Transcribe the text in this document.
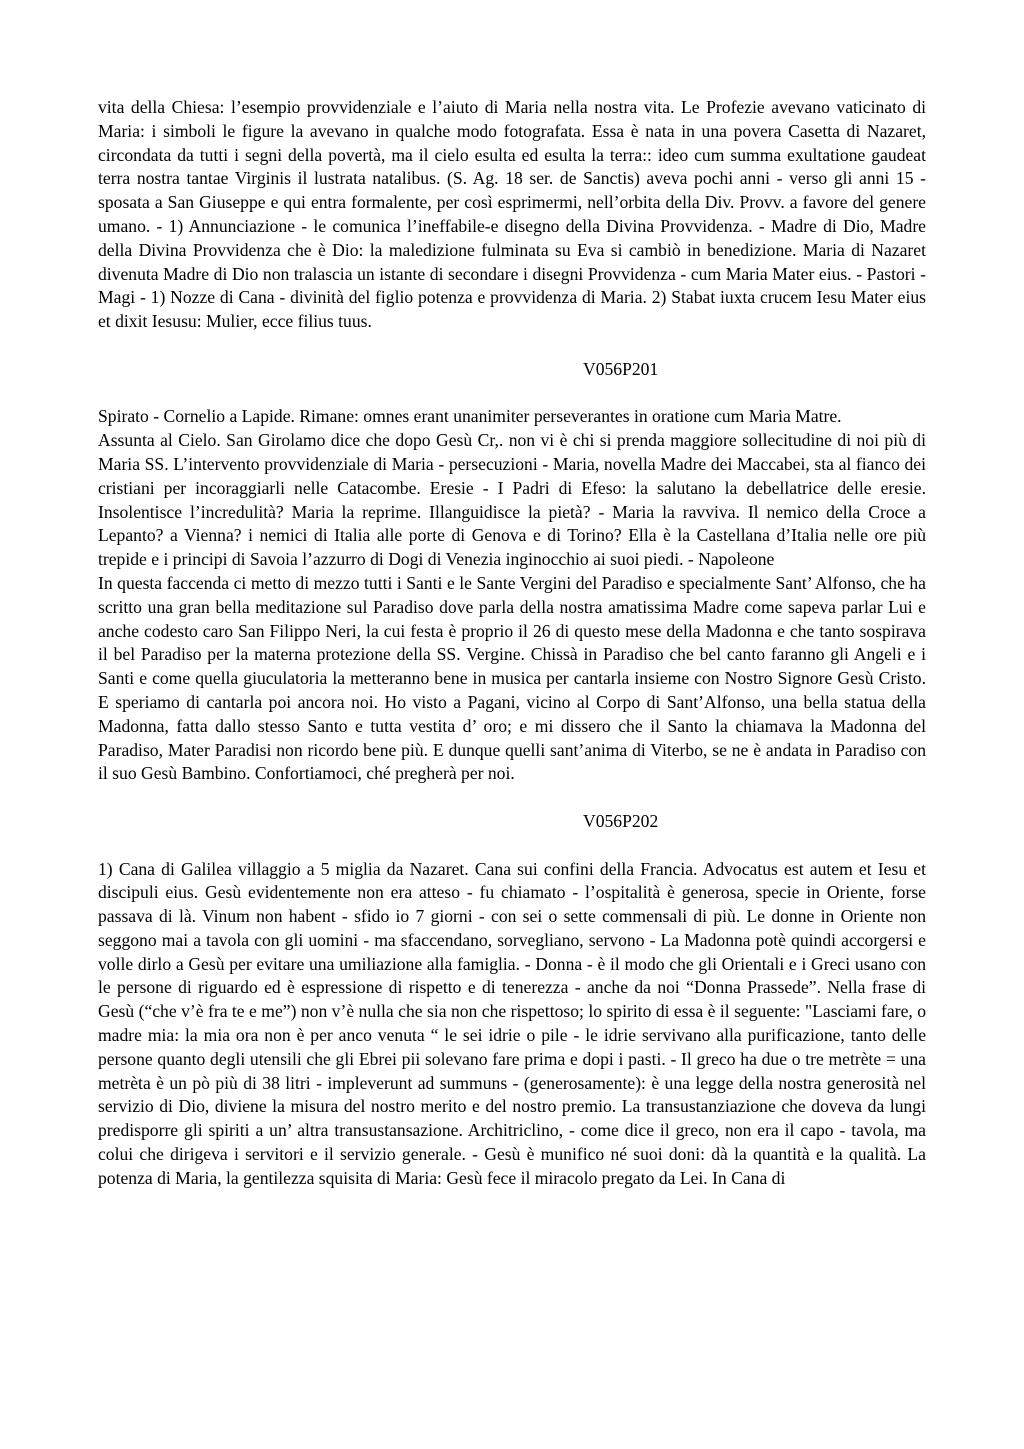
vita della Chiesa: l’esempio provvidenziale e l’aiuto di Maria nella nostra vita. Le Profezie avevano vaticinato di Maria: i simboli le figure la avevano in qualche modo fotografata. Essa è nata in una povera Casetta di Nazaret, circondata da tutti i segni della povertà, ma il cielo esulta ed esulta la terra:: ideo cum summa exultatione gaudeat terra nostra tantae Virginis il lustrata natalibus. (S. Ag. 18 ser. de Sanctis) aveva pochi anni - verso gli anni 15 - sposata a San Giuseppe e qui entra formalente, per così esprimermi, nell’orbita della Div. Provv. a favore del genere umano. - 1) Annunciazione - le comunica l’ineffabile-e disegno della Divina Provvidenza. - Madre di Dio, Madre della Divina Provvidenza che è Dio: la maledizione fulminata su Eva si cambiò in benedizione. Maria di Nazaret divenuta Madre di Dio non tralascia un istante di secondare i disegni Provvidenza - cum Maria Mater eius. - Pastori - Magi - 1) Nozze di Cana - divinità del figlio potenza e provvidenza di Maria. 2) Stabat iuxta crucem Iesu Mater eius et dixit Iesusu: Mulier, ecce filius tuus.

V056P201

Spirato - Cornelio a Lapide. Rimane: omnes erant unanimiter perseverantes in oratione cum Maria Matre.

Assunta al Cielo. San Girolamo dice che dopo Gesù Cr,. non vi è chi si prenda maggiore sollecitudine di noi più di Maria SS. L’intervento provvidenziale di Maria - persecuzioni - Maria, novella Madre dei Maccabei, sta al fianco dei cristiani per incoraggiarli nelle Catacombe. Eresie - I Padri di Efeso: la salutano la debellatrice delle eresie. Insolentisce l’incredulità? Maria la reprime. Illanguidisce la pietà? - Maria la ravviva. Il nemico della Croce a Lepanto? a Vienna? i nemici di Italia alle porte di Genova e di Torino? Ella è la Castellana d’Italia nelle ore più trepide e i principi di Savoia l’azzurro di Dogi di Venezia inginocchio ai suoi piedi. - Napoleone

In questa faccenda ci metto di mezzo tutti i Santi e le Sante Vergini del Paradiso e specialmente Sant’ Alfonso, che ha scritto una gran bella meditazione sul Paradiso dove parla della nostra amatissima Madre come sapeva parlar Lui e anche codesto caro San Filippo Neri, la cui festa è proprio il 26 di questo mese della Madonna e che tanto sospirava il bel Paradiso per la materna protezione della SS. Vergine. Chissà in Paradiso che bel canto faranno gli Angeli e i Santi e come quella giuculatoria la metteranno bene in musica per cantarla insieme con Nostro Signore Gesù Cristo. E speriamo di cantarla poi ancora noi. Ho visto a Pagani, vicino al Corpo di Sant’Alfonso, una bella statua della Madonna, fatta dallo stesso Santo e tutta vestita d’ oro; e mi dissero che il Santo la chiamava la Madonna del Paradiso, Mater Paradisi non ricordo bene più. E dunque quelli sant’anima di Viterbo, se ne è andata in Paradiso con il suo Gesù Bambino. Confortiamoci, ché pregherà per noi.

V056P202

1) Cana di Galilea villaggio a 5 miglia da Nazaret. Cana sui confini della Francia. Advocatus est autem et Iesu et discipuli eius. Gesù evidentemente non era atteso - fu chiamato - l’ospitalità è generosa, specie in Oriente, forse passava di là. Vinum non habent - sfido io 7 giorni - con sei o sette commensali di più. Le donne in Oriente non seggono mai a tavola con gli uomini - ma sfaccendano, sorvegliano, servono - La Madonna potè quindi accorgersi e volle dirlo a Gesù per evitare una umiliazione alla famiglia. - Donna - è il modo che gli Orientali e i Greci usano con le persone di riguardo ed è espressione di rispetto e di tenerezza - anche da noi “Donna Prassede”. Nella frase di Gesù (“che v’è fra te e me”) non v’è nulla che sia non che rispettoso; lo spirito di essa è il seguente: "Lasciami fare, o madre mia: la mia ora non è per anco venuta “ le sei idrie o pile - le idrie servivano alla purificazione, tanto delle persone quanto degli utensili che gli Ebrei pii solevano fare prima e dopi i pasti. - Il greco ha due o tre metrète = una metrèta è un pò più di 38 litri - impleverunt ad summuns - (generosamente): è una legge della nostra generosità nel servizio di Dio, diviene la misura del nostro merito e del nostro premio. La transustanziazione che doveva da lungi predisporre gli spiriti a un’ altra transustansazione. Architriclino, - come dice il greco, non era il capo - tavola, ma colui che dirigeva i servitori e il servizio generale. - Gesù è munifico né suoi doni: dà la quantità e la qualità. La potenza di Maria, la gentilezza squisita di Maria: Gesù fece il miracolo pregato da Lei. In Cana di
